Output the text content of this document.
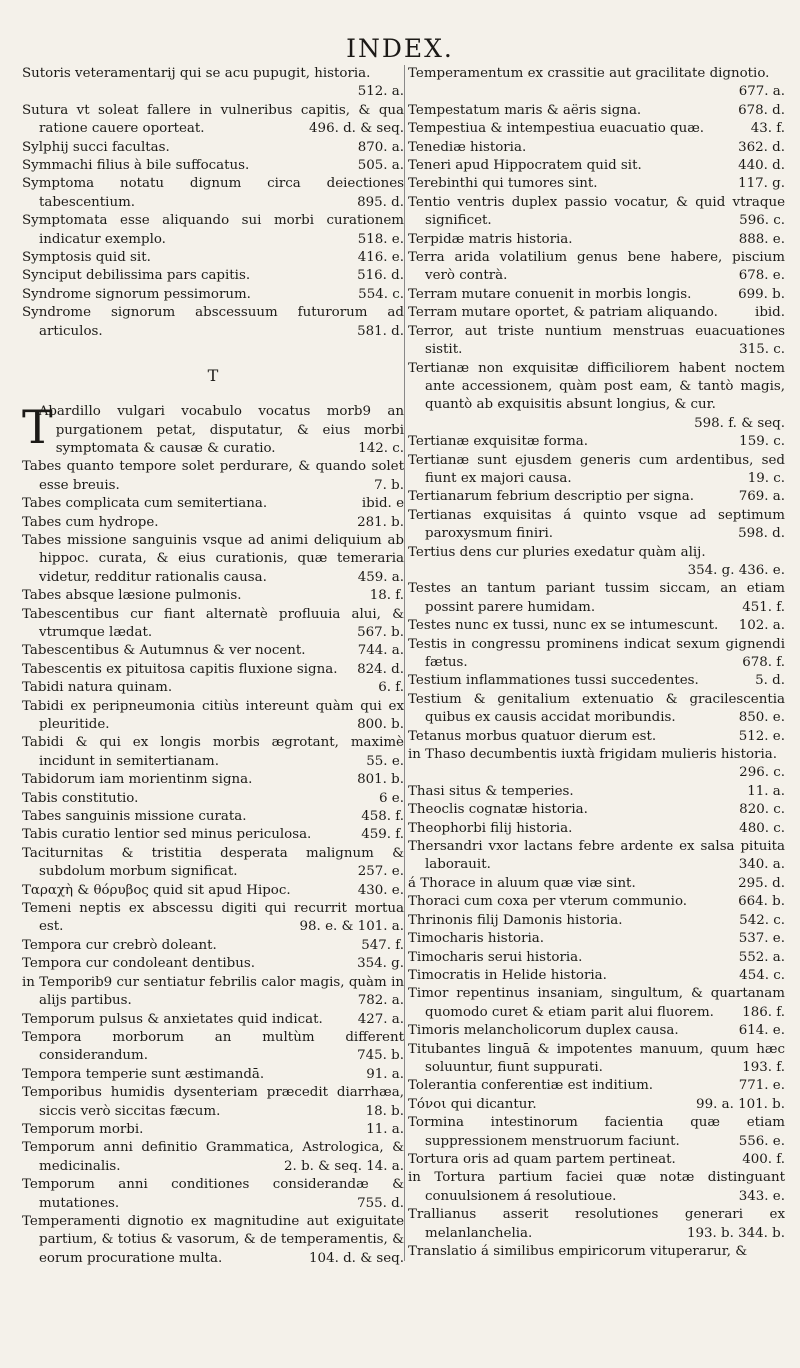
INDEX.
Sutoris veteramentarij qui se acu pupugit, historia.
512. a.
Sutura vt soleat fallere in vulneribus capitis, & qua ratione cauere oporteat.	496. d. & seq.
Sylphij succi facultas.	870. a.
Symmachi filius à bile suffocatus.	505. a.
Symptoma notatu dignum circa deiectiones tabescentium.	895. d.
Symptomata esse aliquando sui morbi curationem indicatur exemplo.	518. e.
Symptosis quid sit.	416. e.
Synciput debilissima pars capitis.	516. d.
Syndrome signorum pessimorum.	554. c.
Syndrome signorum abscessuum futurorum ad articulos.	581. d.
T
T
Abardillo vulgari vocabulo vocatus morb9 an purgationem petat, disputatur, & eius morbi symptomata & causæ & curatio.	142. c.
Tabes quanto tempore solet perdurare, & quando solet esse breuis.	7. b.
Tabes complicata cum semitertiana.	ibid. e
Tabes cum hydrope.	281. b.
Tabes missione sanguinis vsque ad animi deliquium ab hippoc. curata, & eius curationis, quæ temeraria videtur, redditur rationalis causa.	459. a.
Tabes absque læsione pulmonis.	18. f.
Tabescentibus cur fiant alternatè profluuia alui, & vtrumque lædat.	567. b.
Tabescentibus & Autumnus & ver nocent.	744. a.
Tabescentis ex pituitosa capitis fluxione signa.	824. d.
Tabidi natura quinam.	6. f.
Tabidi ex peripneumonia citiùs intereunt quàm qui ex pleuritide.	800. b.
Tabidi & qui ex longis morbis ægrotant, maximè incidunt in semitertianam.	55. e.
Tabidorum iam morientinm signa.	801. b.
Tabis constitutio.	6 e.
Tabes sanguinis missione curata.	458. f.
Tabis curatio lentior sed minus periculosa.	459. f.
Taciturnitas & tristitia desperata malignum & subdolum morbum significat.	257. e.
Ταραχὴ & θόρυβος quid sit apud Hipoc.	430. e.
Temeni neptis ex abscessu digiti qui recurrit mortua est.	98. e. & 101. a.
Tempora cur crebrò doleant.	547. f.
Tempora cur condoleant dentibus.	354. g.
in Temporib9 cur sentiatur febrilis calor magis, quàm in alijs partibus.	782. a.
Temporum pulsus & anxietates quid indicat.	427. a.
Tempora morborum an multùm different considerandum.	745. b.
Tempora temperie sunt æstimandā.	91. a.
Temporibus humidis dysenteriam præcedit diarrhæa, siccis verò siccitas fæcum.	18. b.
Temporum morbi.	11. a.
Temporum anni definitio Grammatica, Astrologica, & medicinalis.	2. b. & seq. 14. a.
Temporum anni conditiones considerandæ & mutationes.	755. d.
Temperamenti dignotio ex magnitudine aut exiguitate partium, & totius & vasorum, & de temperamentis, & eorum procuratione multa.	104. d. & seq.
Temperamentum ex crassitie aut gracilitate dignotio.
677. a.
Tempestatum maris & aëris signa.	678. d.
Tempestiua & intempestiua euacuatio quæ.	43. f.
Tenediæ historia.	362. d.
Teneri apud Hippocratem quid sit.	440. d.
Terebinthi qui tumores sint.	117. g.
Tentio ventris duplex passio vocatur, & quid vtraque significet.	596. c.
Terpidæ matris historia.	888. e.
Terra arida volatilium genus bene habere, piscium verò contrà.	678. e.
Terram mutare conuenit in morbis longis.	699. b.
Terram mutare oportet, & patriam aliquando.	ibid.
Terror, aut triste nuntium menstruas euacuationes sistit.	315. c.
Tertianæ non exquisitæ difficiliorem habent noctem ante accessionem, quàm post eam, & tantò magis, quantò ab exquisitis absunt longius, & cur.
598. f. & seq.
Tertianæ exquisitæ forma.	159. c.
Tertianæ sunt ejusdem generis cum ardentibus, sed fiunt ex majori causa.	19. c.
Tertianarum febrium descriptio per signa.	769. a.
Tertianas exquisitas á quinto vsque ad septimum paroxysmum finiri.	598. d.
Tertius dens cur pluries exedatur quàm alij.
354. g. 436. e.
Testes an tantum pariant tussim siccam, an etiam possint parere humidam.	451. f.
Testes nunc ex tussi, nunc ex se intumescunt.	102. a.
Testis in congressu prominens indicat sexum gignendi fætus.	678. f.
Testium inflammationes tussi succedentes.	5. d.
Testium & genitalium extenuatio & gracilescentia quibus ex causis accidat moribundis.	850. e.
Tetanus morbus quatuor dierum est.	512. e.
in Thaso decumbentis iuxtà frigidam mulieris historia.
296. c.
Thasi situs & temperies.	11. a.
Theoclis cognatæ historia.	820. c.
Theophorbi filij historia.	480. c.
Thersandri vxor lactans febre ardente ex salsa pituita laborauit.	340. a.
á Thorace in aluum quæ viæ sint.	295. d.
Thoraci cum coxa per vterum communio.	664. b.
Thrinonis filij Damonis historia.	542. c.
Timocharis historia.	537. e.
Timocharis serui historia.	552. a.
Timocratis in Helide historia.	454. c.
Timor repentinus insaniam, singultum, & quartanam quomodo curet & etiam parit alui fluorem.	186. f.
Timoris melancholicorum duplex causa.	614. e.
Titubantes linguā & impotentes manuum, quum hæc soluuntur, fiunt suppurati.	193. f.
Tolerantia conferentiæ est inditium.	771. e.
Τόνοι qui dicantur.	99. a. 101. b.
Tormina intestinorum facientia quæ etiam suppressionem menstruorum faciunt.	556. e.
Tortura oris ad quam partem pertineat.	400. f.
in Tortura partium faciei quæ notæ distinguant conuulsionem á resolutioue.	343. e.
Trallianus asserit resolutiones generari ex melanlanchelia.	193. b. 344. b.
Translatio á similibus empiricorum vituperarur, &
